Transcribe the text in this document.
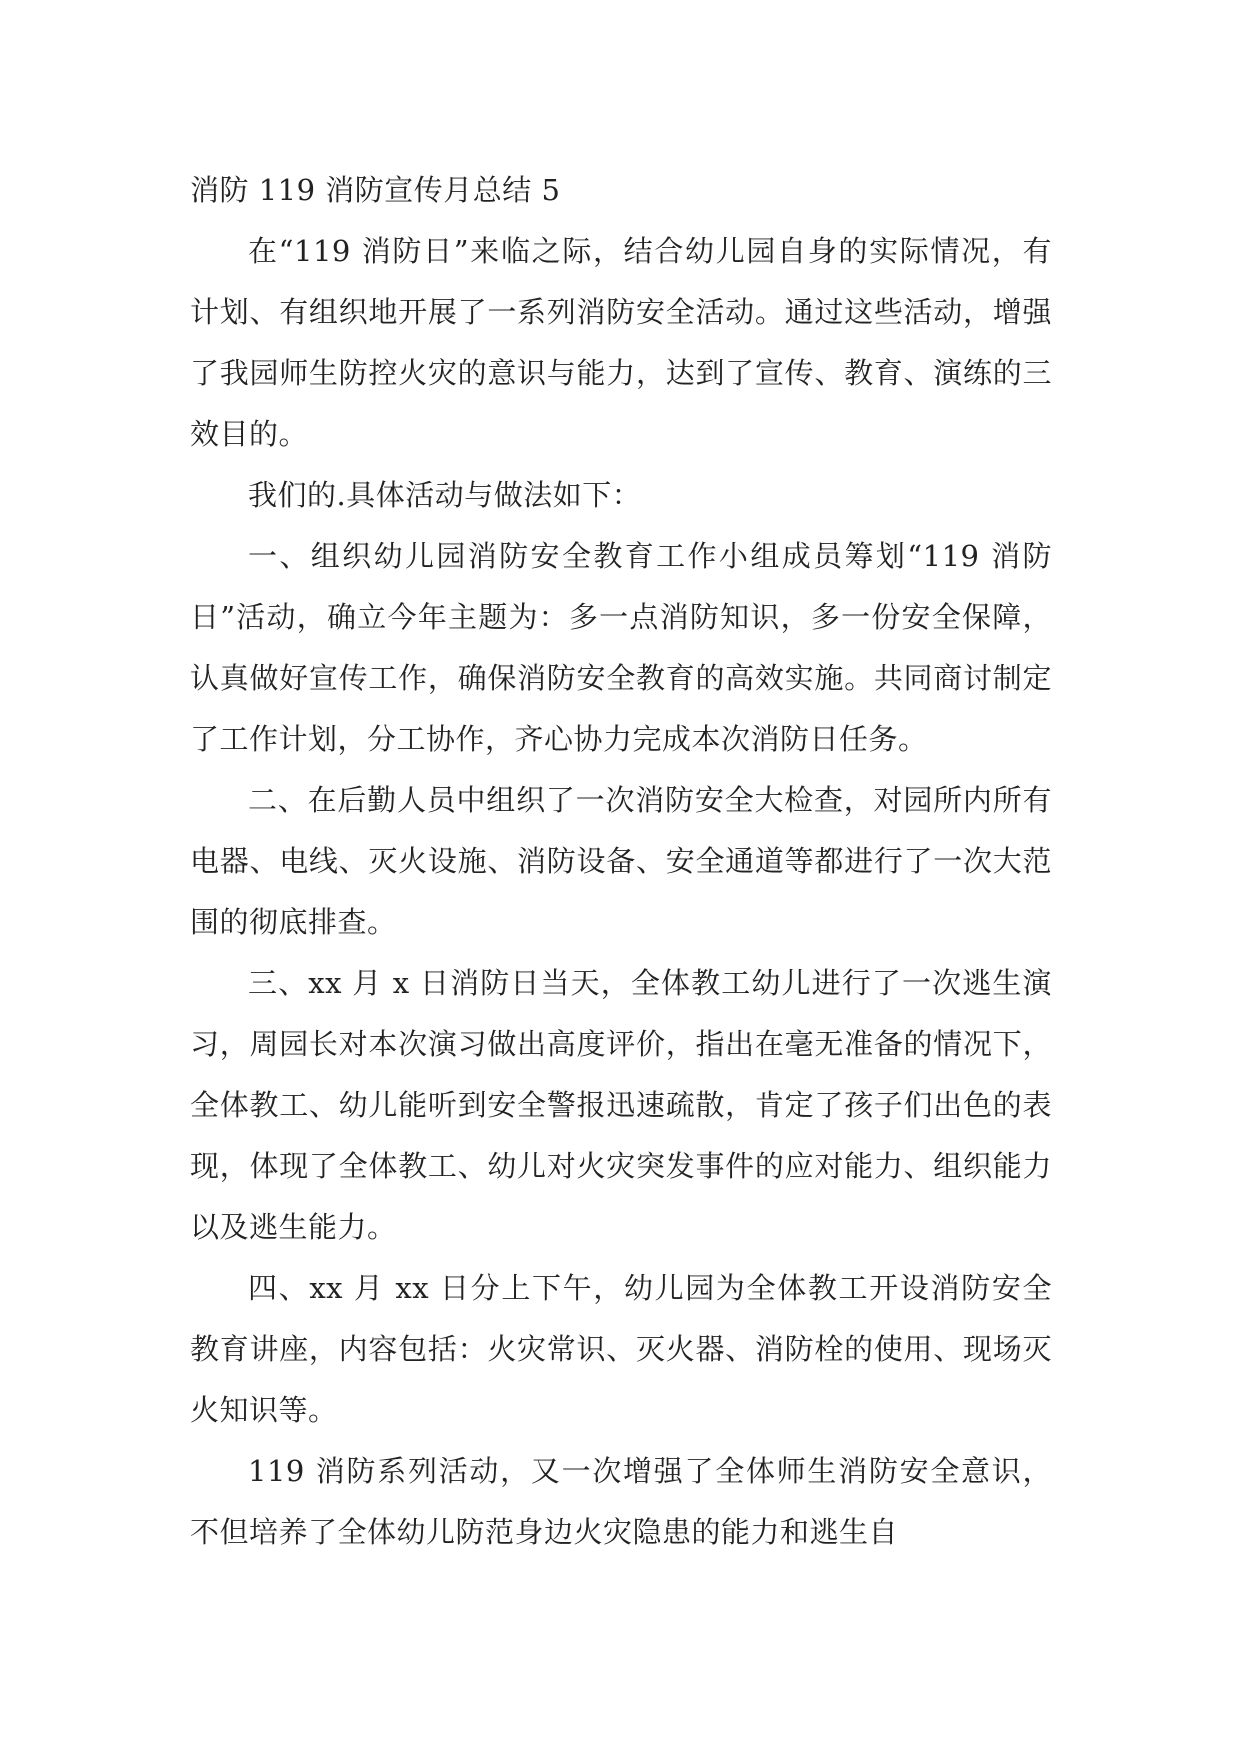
消防 119 消防宣传月总结 5

在“119 消防日”来临之际，结合幼儿园自身的实际情况，有计划、有组织地开展了一系列消防安全活动。通过这些活动，增强了我园师生防控火灾的意识与能力，达到了宣传、教育、演练的三效目的。

我们的.具体活动与做法如下：

一、组织幼儿园消防安全教育工作小组成员筹划“119 消防日”活动，确立今年主题为：多一点消防知识，多一份安全保障，认真做好宣传工作，确保消防安全教育的高效实施。共同商讨制定了工作计划，分工协作，齐心协力完成本次消防日任务。

二、在后勤人员中组织了一次消防安全大检查，对园所内所有电器、电线、灭火设施、消防设备、安全通道等都进行了一次大范围的彻底排查。

三、xx 月 x 日消防日当天，全体教工幼儿进行了一次逃生演习，周园长对本次演习做出高度评价，指出在毫无准备的情况下，全体教工、幼儿能听到安全警报迅速疏散，肯定了孩子们出色的表现，体现了全体教工、幼儿对火灾突发事件的应对能力、组织能力以及逃生能力。

四、xx 月 xx 日分上下午，幼儿园为全体教工开设消防安全教育讲座，内容包括：火灾常识、灭火器、消防栓的使用、现场灭火知识等。

119 消防系列活动，又一次增强了全体师生消防安全意识，不但培养了全体幼儿防范身边火灾隐患的能力和逃生自
